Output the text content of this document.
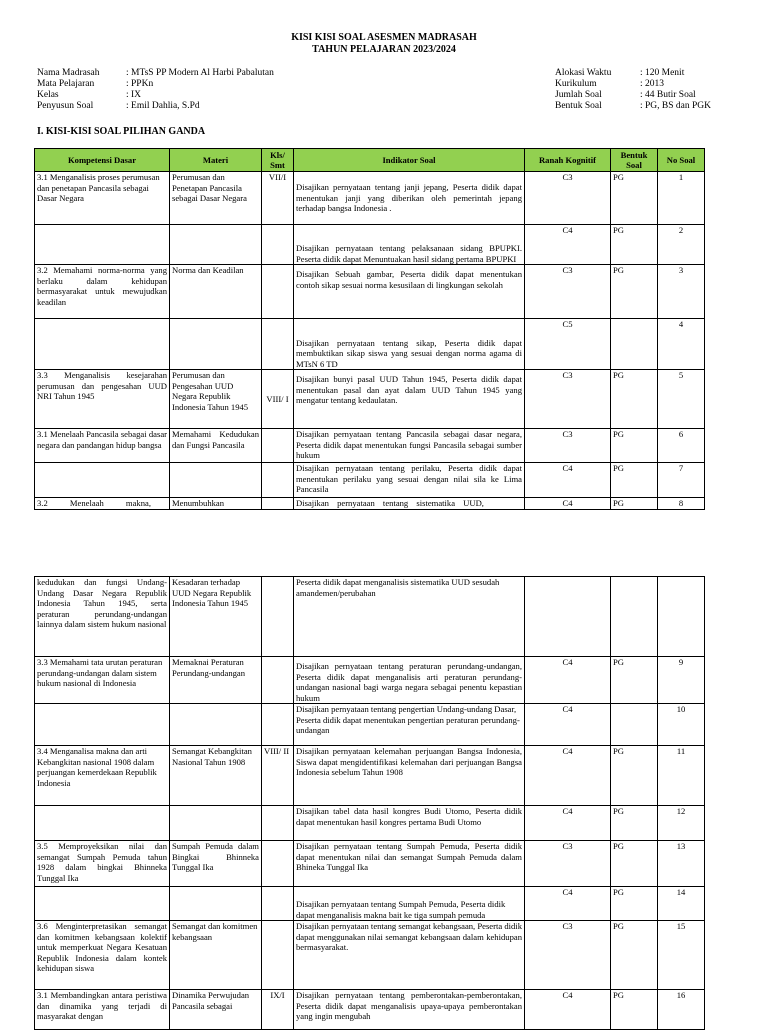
KISI KISI SOAL ASESMEN MADRASAH
TAHUN PELAJARAN 2023/2024
Nama Madrasah	: MTsS PP Modern Al Harbi Pabalutan
Mata Pelajaran	: PPKn
Kelas	: IX
Penyusun Soal	: Emil Dahlia, S.Pd
Alokasi Waktu	: 120 Menit
Kurikulum	: 2013
Jumlah Soal	: 44 Butir Soal
Bentuk Soal	: PG, BS dan PGK
I. KISI-KISI SOAL PILIHAN GANDA
Kompetensi Dasar	Materi	Kls/ Smt	Indikator Soal	Ranah Kognitif	Bentuk Soal	No Soal
3.1 Menganalisis proses perumusan dan penetapan Pancasila sebagai Dasar Negara	Perumusan dan Penetapan Pancasila sebagai Dasar Negara	VII/I	Disajikan pernyataan tentang janji jepang, Peserta didik dapat menentukan janji yang diberikan oleh pemerintah jepang terhadap bangsa Indonesia .	C3	PG	1
			Disajikan pernyataan tentang pelaksanaan sidang BPUPKI. Peserta didik dapat Menuntuakan hasil sidang pertama BPUPKI	C4	PG	2
3.2 Memahami norma-norma yang berlaku dalam kehidupan bermasyarakat untuk mewujudkan keadilan	Norma dan Keadilan		Disajikan Sebuah gambar, Peserta didik dapat menentukan contoh sikap sesuai norma kesusilaan di lingkungan sekolah	C3	PG	3
			Disajikan pernyataan tentang sikap, Peserta didik dapat membuktikan sikap siswa yang sesuai dengan norma agama di MTsN 6 TD	C5		4
3.3 Menganalisis kesejarahan perumusan dan pengesahan UUD NRI Tahun 1945	Perumusan dan Pengesahan UUD Negara Republik Indonesia Tahun 1945	VIII/ I	Disajikan bunyi pasal UUD Tahun 1945, Peserta didik dapat menentukan pasal dan ayat dalam UUD Tahun 1945 yang mengatur tentang kedaulatan.	C3	PG	5
3.1 Menelaah Pancasila sebagai dasar negara dan pandangan hidup bangsa	Memahami Kedudukan dan Fungsi Pancasila		Disajikan pernyataan tentang Pancasila sebagai dasar negara, Peserta didik dapat menentukan fungsi Pancasila sebagai sumber hukum	C3	PG	6
			Disajikan pernyataan tentang perilaku, Peserta didik dapat menentukan perilaku yang sesuai dengan nilai sila ke Lima Pancasila	C4	PG	7
3.2 Menelaah makna,	Menumbuhkan		Disajikan pernyataan tentang sistematika UUD,	C4	PG	8
kedudukan dan fungsi Undang-Undang Dasar Negara Republik Indonesia Tahun 1945, serta peraturan perundang-undangan lainnya dalam sistem hukum nasional	Kesadaran terhadap UUD Negara Republik Indonesia Tahun 1945		Peserta didik dapat menganalisis sistematika UUD sesudah amandemen/perubahan			
3.3 Memahami tata urutan peraturan perundang-undangan dalam sistem hukum nasional di Indonesia	Memaknai Peraturan Perundang-undangan		Disajikan pernyataan tentang peraturan perundang-undangan, Peserta didik dapat menganalisis arti peraturan perundang-undangan nasional bagi warga negara sebagai penentu kepastian hukum	C4	PG	9
			Disajikan pernyataan tentang pengertian Undang-undang Dasar, Peserta didik dapat menentukan pengertian peraturan perundang-undangan	C4		10
3.4 Menganalisa makna dan arti Kebangkitan nasional 1908 dalam perjuangan kemerdekaan Republik Indonesia	Semangat Kebangkitan Nasional Tahun 1908	VIII/ II	Disajikan pernyataan kelemahan perjuangan Bangsa Indonesia, Siswa dapat mengidentifikasi kelemahan dari perjuangan Bangsa Indonesia sebelum Tahun 1908	C4	PG	11
			Disajikan tabel data hasil kongres Budi Utomo, Peserta didik dapat menentukan hasil kongres pertama Budi Utomo	C4	PG	12
3.5 Memproyeksikan nilai dan semangat Sumpah Pemuda tahun 1928 dalam bingkai Bhinneka Tunggal Ika	Sumpah Pemuda dalam Bingkai Bhinneka Tunggal Ika		Disajikan pernyataan tentang Sumpah Pemuda, Peserta didik dapat menentukan nilai dan semangat Sumpah Pemuda dalam Bhineka Tunggal Ika	C3	PG	13
			Disajikan pernyataan tentang Sumpah Pemuda, Peserta didik dapat menganalisis makna bait ke tiga sumpah pemuda	C4	PG	14
3.6 Menginterpretasikan semangat dan komitmen kebangsaan kolektif untuk memperkuat Negara Kesatuan Republik Indonesia dalam kontek kehidupan siswa	Semangat dan komitmen kebangsaan		Disajikan pernyataan tentang semangat kebangsaan, Peserta didik dapat menggunakan nilai semangat kebangsaan dalam kehidupan bermasyarakat.	C3	PG	15
3.1 Membandingkan antara peristiwa dan dinamika yang terjadi di masyarakat dengan	Dinamika Perwujudan Pancasila sebagai	IX/I	Disajikan pernyataan tentang pemberontakan-pemberontakan, Peserta didik dapat menganalisis upaya-upaya pemberontakan yang ingin mengubah	C4	PG	16
